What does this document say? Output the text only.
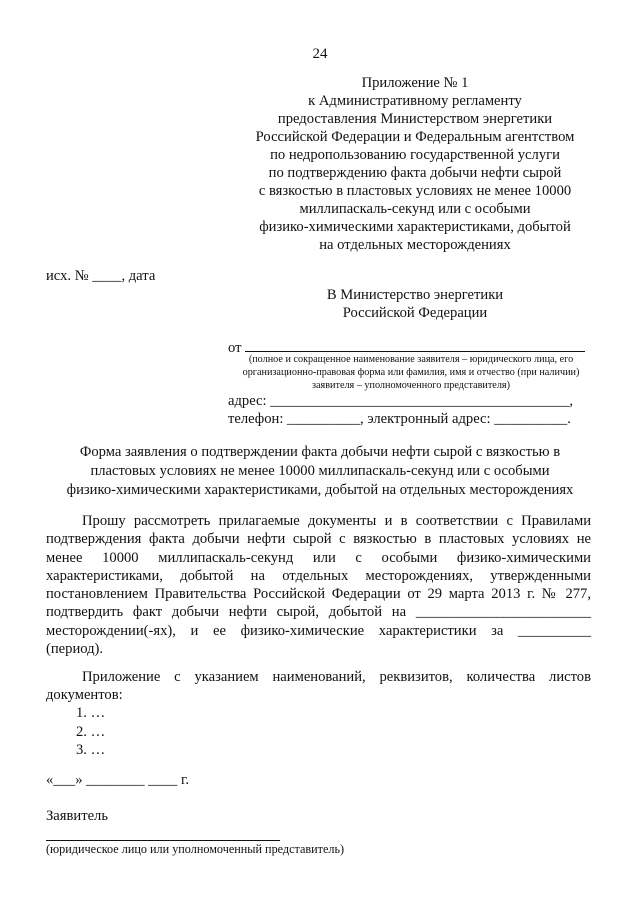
24
Приложение № 1
к Административному регламенту
предоставления Министерством энергетики
Российской Федерации и Федеральным агентством
по недропользованию государственной услуги
по подтверждению факта добычи нефти сырой
с вязкостью в пластовых условиях не менее 10000
миллипаскаль-секунд или с особыми
физико-химическими характеристиками, добытой
на отдельных месторождениях
исх. № ____, дата
В Министерство энергетики
Российской Федерации
от
(полное и сокращенное наименование заявителя – юридического лица, его
организационно-правовая форма или фамилия, имя и отчество (при наличии)
заявителя – уполномоченного представителя)
адрес: _________________________________________,
телефон: __________, электронный адрес: __________.
Форма заявления о подтверждении факта добычи нефти сырой с вязкостью в
пластовых условиях не менее 10000 миллипаскаль-секунд или с особыми
физико-химическими характеристиками, добытой на отдельных месторождениях
Прошу рассмотреть прилагаемые документы и в соответствии с Правилами
подтверждения факта добычи нефти сырой с вязкостью в пластовых условиях не
менее 10000 миллипаскаль-секунд или с особыми физико-химическими
характеристиками, добытой на отдельных месторождениях, утвержденными
постановлением Правительства Российской Федерации от 29 марта 2013 г. № 277,
подтвердить факт добычи нефти сырой, добытой на ________________________
месторождении(-ях), и ее физико-химические характеристики за __________
(период).
Приложение с указанием наименований, реквизитов, количества листов
документов:
1. …
2. …
3. …
«___» ________ ____ г.
Заявитель
(юридическое лицо или уполномоченный представитель)
